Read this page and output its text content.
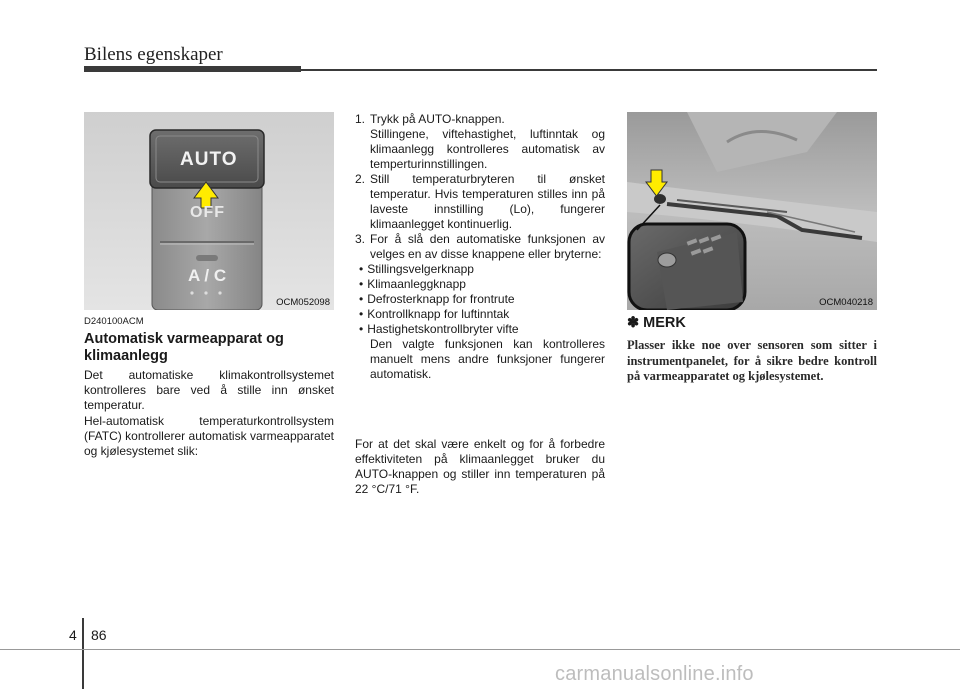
Bilens egenskaper
AUTO
OFF
A / C
OCM052098
D240100ACM
Automatisk varmeapparat og klimaanlegg
Det automatiske klimakontrollsystemet kontrolleres bare ved å stille inn ønsket temperatur.
Hel-automatisk temperaturkontrollsystem (FATC) kontrollerer automatisk varmeapparatet og kjølesystemet slik:
1. Trykk på AUTO-knappen.
Stillingene, viftehastighet, luftinntak og klimaanlegg kontrolleres automatisk av temperturinnstillingen.
2. Still temperaturbryteren til ønsket temperatur. Hvis temperaturen stilles inn på laveste innstilling (Lo), fungerer klimaanlegget kontinuerlig.
3. For å slå den automatiske funksjonen av velges en av disse knappene eller bryterne:
• Stillingsvelgerknapp
• Klimaanleggknapp
• Defrosterknapp for frontrute
• Kontrollknapp for luftinntak
• Hastighetskontrollbryter vifte
Den valgte funksjonen kan kontrolleres manuelt mens andre funksjoner fungerer automatisk.
For at det skal være enkelt og for å forbedre effektiviteten på klimaanlegget bruker du AUTO-knappen og stiller inn temperaturen på 22 °C/71 °F.
OCM040218
✽ MERK
Plasser ikke noe over sensoren som sitter i instrumentpanelet, for å sikre bedre kontroll på varmeapparatet og kjølesystemet.
4 86
carmanualsonline.info
